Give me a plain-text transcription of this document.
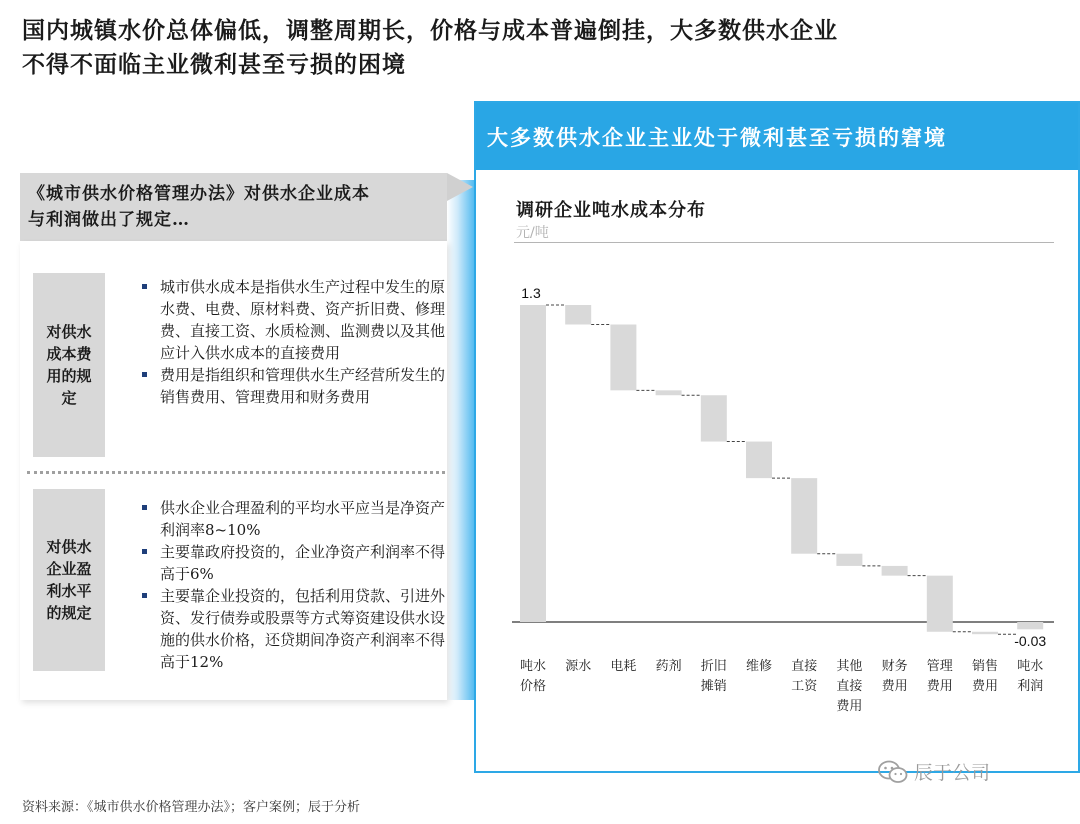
国内城镇水价总体偏低，调整周期长，价格与成本普遍倒挂，大多数供水企业
不得不面临主业微利甚至亏损的困境
《城市供水价格管理办法》对供水企业成本
与利润做出了规定…
对供水
成本费
用的规
定
城市供水成本是指供水生产过程中发生的原水费、电费、原材料费、资产折旧费、修理费、直接工资、水质检测、监测费以及其他应计入供水成本的直接费用
费用是指组织和管理供水生产经营所发生的销售费用、管理费用和财务费用
对供水
企业盈
利水平
的规定
供水企业合理盈利的平均水平应当是净资产利润率8~10%
主要靠政府投资的，企业净资产利润率不得高于6%
主要靠企业投资的，包括利用贷款、引进外资、发行债券或股票等方式筹资建设供水设施的供水价格，还贷期间净资产利润率不得高于12%
大多数供水企业主业处于微利甚至亏损的窘境
调研企业吨水成本分布
元/吨
1.3
-0.03
吨水价格
源水 电耗 药剂 折旧摊销
维修 直接工资
其他直接费用
财务费用
管理费用
销售费用
吨水利润
资料来源：《城市供水价格管理办法》；客户案例；辰于分析
辰于公司
